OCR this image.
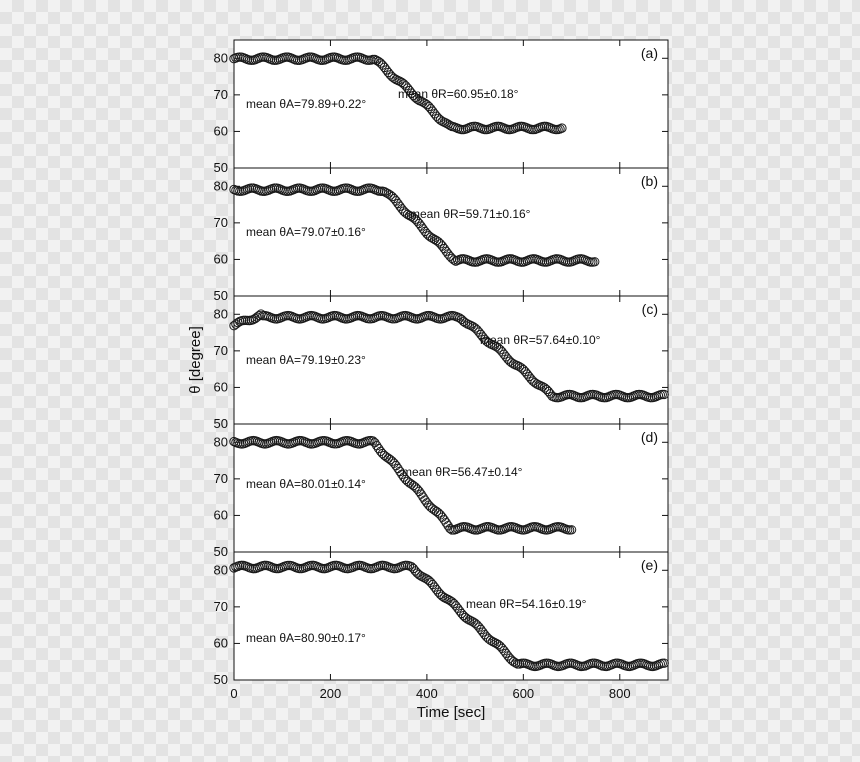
50
60
70
80	(a)
mean θA=79.89+0.22°
mean θR=60.95±0.18°
50
60
70
80	(b)
mean θA=79.07±0.16°
mean θR=59.71±0.16°
50
60
70
80	(c)
mean θA=79.19±0.23°
mean θR=57.64±0.10°
50
60
70
80	(d)
mean θA=80.01±0.14°
mean θR=56.47±0.14°
50
60
70
80	(e)
mean θA=80.90±0.17°
mean θR=54.16±0.19°
0	200	400	600	800
Time [sec]
θ [degree]
